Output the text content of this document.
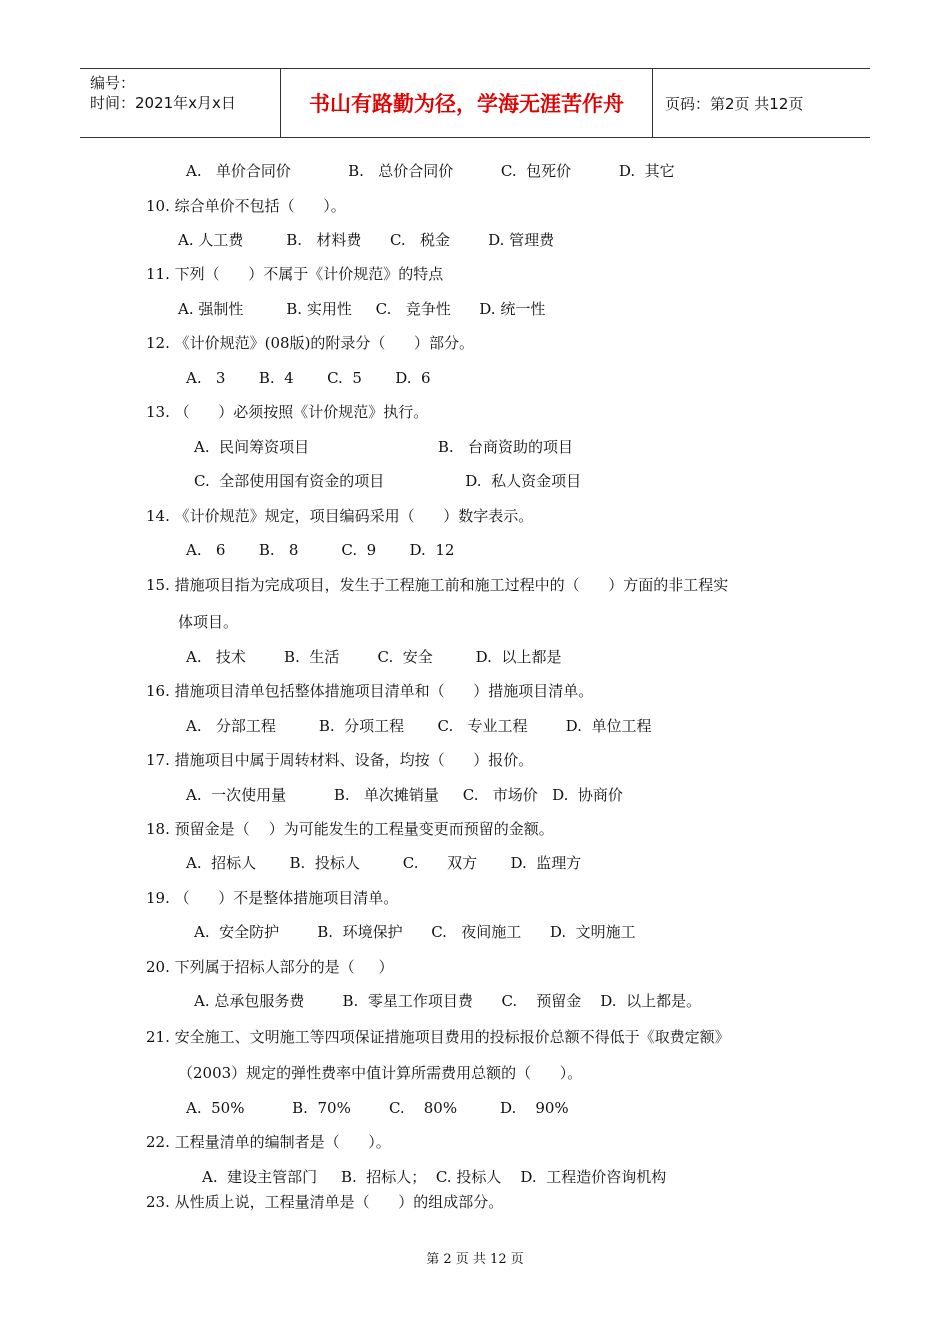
编号：
时间：2021年x月x日	书山有路勤为径，学海无涯苦作舟	页码：第2页 共12页
A.   单价合同价            B.   总价合同价          C.  包死价          D.  其它
10. 综合单价不包括（      ）。
A. 人工费         B.   材料费      C.   税金        D. 管理费
11. 下列（      ）不属于《计价规范》的特点
A. 强制性         B. 实用性     C.   竞争性      D. 统一性
12. 《计价规范》(08版)的附录分（      ）部分。
A.   3       B.  4       C.  5       D.  6
13. （      ）必须按照《计价规范》执行。
A.  民间筹资项目                           B.   台商资助的项目
C.  全部使用国有资金的项目                 D.  私人资金项目
14. 《计价规范》规定，项目编码采用（      ）数字表示。
A.   6       B.   8         C.  9       D.  12
15. 措施项目指为完成项目，发生于工程施工前和施工过程中的（      ）方面的非工程实
体项目。
A.   技术        B.  生活        C.  安全         D.  以上都是
16. 措施项目清单包括整体措施项目清单和（      ）措施项目清单。
A.   分部工程         B.  分项工程       C.   专业工程        D.  单位工程
17. 措施项目中属于周转材料、设备，均按（      ）报价。
A.  一次使用量          B.   单次摊销量     C.   市场价   D.  协商价
18. 预留金是（    ）为可能发生的工程量变更而预留的金额。
A.  招标人       B.  投标人         C.      双方       D.  监理方
19. （      ）不是整体措施项目清单。
A.  安全防护        B.  环境保护      C.   夜间施工      D.  文明施工
20. 下列属于招标人部分的是（     ）
A. 总承包服务费        B.  零星工作项目费      C.    预留金    D.  以上都是。
21. 安全施工、文明施工等四项保证措施项目费用的投标报价总额不得低于《取费定额》
（2003）规定的弹性费率中值计算所需费用总额的（      ）。
A.  50%          B.  70%        C.    80%         D.    90%
22. 工程量清单的编制者是（      ）。
A.  建设主管部门     B.  招标人；  C. 投标人    D.  工程造价咨询机构
23. 从性质上说，工程量清单是（      ）的组成部分。
第 2 页 共 12 页
